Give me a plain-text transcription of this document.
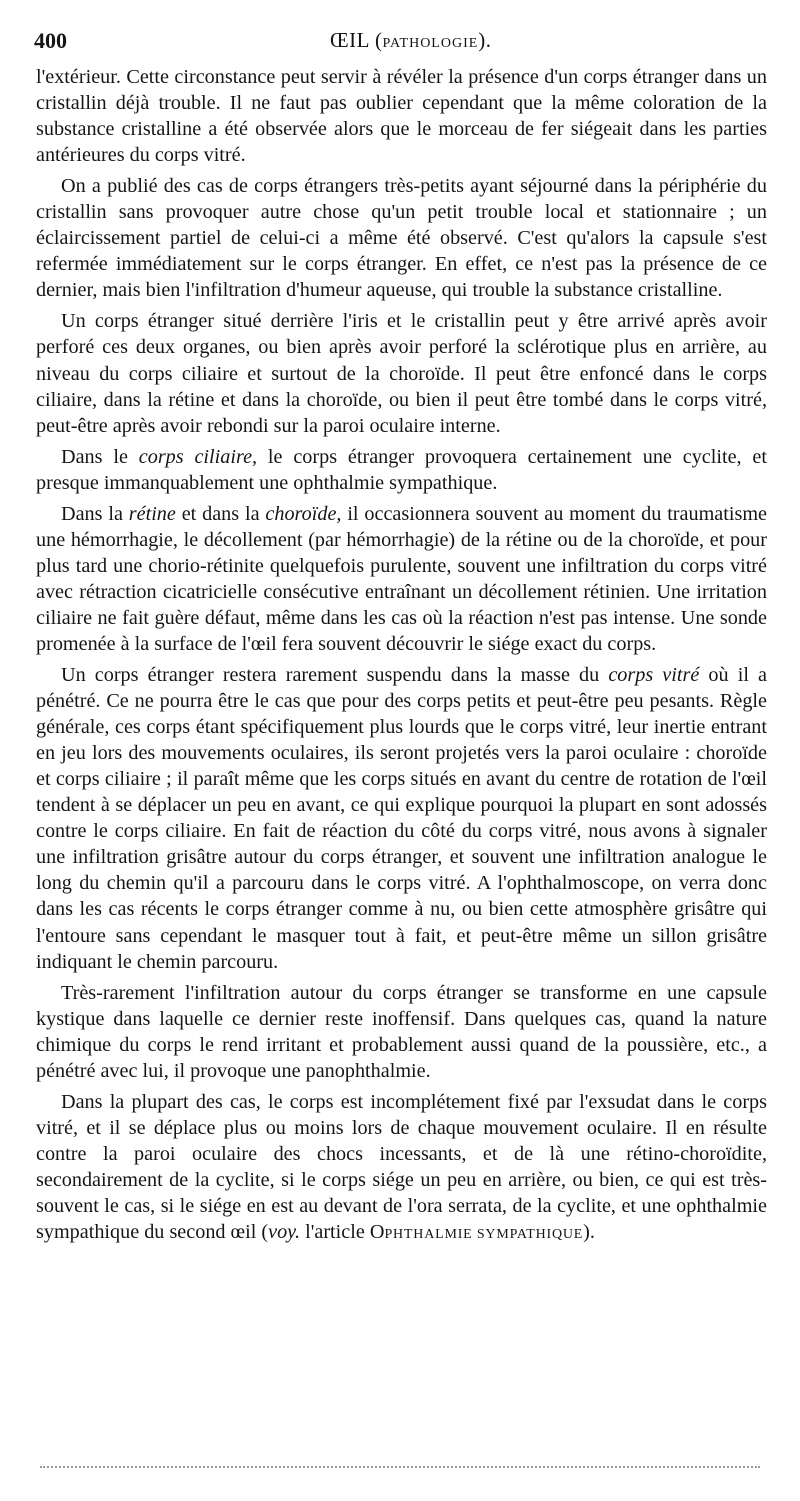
400	ŒIL (PATHOLOGIE).

l'extérieur. Cette circonstance peut servir à révéler la présence d'un corps étranger dans un cristallin déjà trouble. Il ne faut pas oublier cependant que la même coloration de la substance cristalline a été observée alors que le morceau de fer siégeait dans les parties antérieures du corps vitré.

On a publié des cas de corps étrangers très-petits ayant séjourné dans la périphérie du cristallin sans provoquer autre chose qu'un petit trouble local et stationnaire ; un éclaircissement partiel de celui-ci a même été observé. C'est qu'alors la capsule s'est refermée immédiatement sur le corps étranger. En effet, ce n'est pas la présence de ce dernier, mais bien l'infiltration d'humeur aqueuse, qui trouble la substance cristalline.

Un corps étranger situé derrière l'iris et le cristallin peut y être arrivé après avoir perforé ces deux organes, ou bien après avoir perforé la sclérotique plus en arrière, au niveau du corps ciliaire et surtout de la choroïde. Il peut être enfoncé dans le corps ciliaire, dans la rétine et dans la choroïde, ou bien il peut être tombé dans le corps vitré, peut-être après avoir rebondi sur la paroi oculaire interne.

Dans le corps ciliaire, le corps étranger provoquera certainement une cyclite, et presque immanquablement une ophthalmie sympathique.

Dans la rétine et dans la choroïde, il occasionnera souvent au moment du traumatisme une hémorrhagie, le décollement (par hémorrhagie) de la rétine ou de la choroïde, et pour plus tard une chorio-rétinite quelquefois purulente, souvent une infiltration du corps vitré avec rétraction cicatricielle consécutive entraînant un décollement rétinien. Une irritation ciliaire ne fait guère défaut, même dans les cas où la réaction n'est pas intense. Une sonde promenée à la surface de l'œil fera souvent découvrir le siége exact du corps.

Un corps étranger restera rarement suspendu dans la masse du corps vitré où il a pénétré. Ce ne pourra être le cas que pour des corps petits et peut-être peu pesants. Règle générale, ces corps étant spécifiquement plus lourds que le corps vitré, leur inertie entrant en jeu lors des mouvements oculaires, ils seront projetés vers la paroi oculaire : choroïde et corps ciliaire ; il paraît même que les corps situés en avant du centre de rotation de l'œil tendent à se déplacer un peu en avant, ce qui explique pourquoi la plupart en sont adossés contre le corps ciliaire. En fait de réaction du côté du corps vitré, nous avons à signaler une infiltration grisâtre autour du corps étranger, et souvent une infiltration analogue le long du chemin qu'il a parcouru dans le corps vitré. A l'ophthalmoscope, on verra donc dans les cas récents le corps étranger comme à nu, ou bien cette atmosphère grisâtre qui l'entoure sans cependant le masquer tout à fait, et peut-être même un sillon grisâtre indiquant le chemin parcouru.

Très-rarement l'infiltration autour du corps étranger se transforme en une capsule kystique dans laquelle ce dernier reste inoffensif. Dans quelques cas, quand la nature chimique du corps le rend irritant et probablement aussi quand de la poussière, etc., a pénétré avec lui, il provoque une panophthalmie.

Dans la plupart des cas, le corps est incomplétement fixé par l'exsudat dans le corps vitré, et il se déplace plus ou moins lors de chaque mouvement oculaire. Il en résulte contre la paroi oculaire des chocs incessants, et de là une rétino-choroïdite, secondairement de la cyclite, si le corps siége un peu en arrière, ou bien, ce qui est très-souvent le cas, si le siége en est au devant de l'ora serrata, de la cyclite, et une ophthalmie sympathique du second œil (voy. l'article OPHTHALMIE SYMPATHIQUE).
